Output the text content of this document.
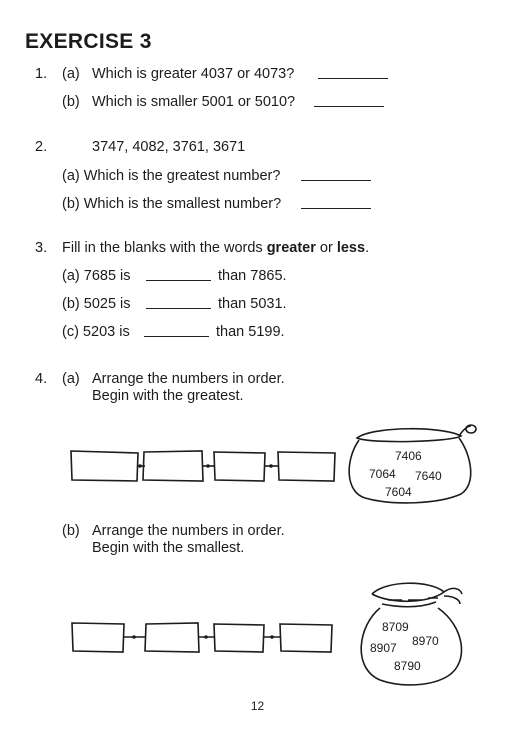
EXERCISE 3
1. (a) Which is greater 4037 or 4073?
(b) Which is smaller 5001 or 5010?
2.	3747, 4082, 3761, 3671
(a) Which is the greatest number?
(b) Which is the smallest number?
3. Fill in the blanks with the words greater or less.
(a) 7685 is	than 7865.
(b) 5025 is	than 5031.
(c) 5203 is	than 5199.
4. (a) Arrange the numbers in order.
Begin with the greatest.
7406
7064 7640
7604
(b) Arrange the numbers in order.
Begin with the smallest.
8709
8970
8907
8790
12
